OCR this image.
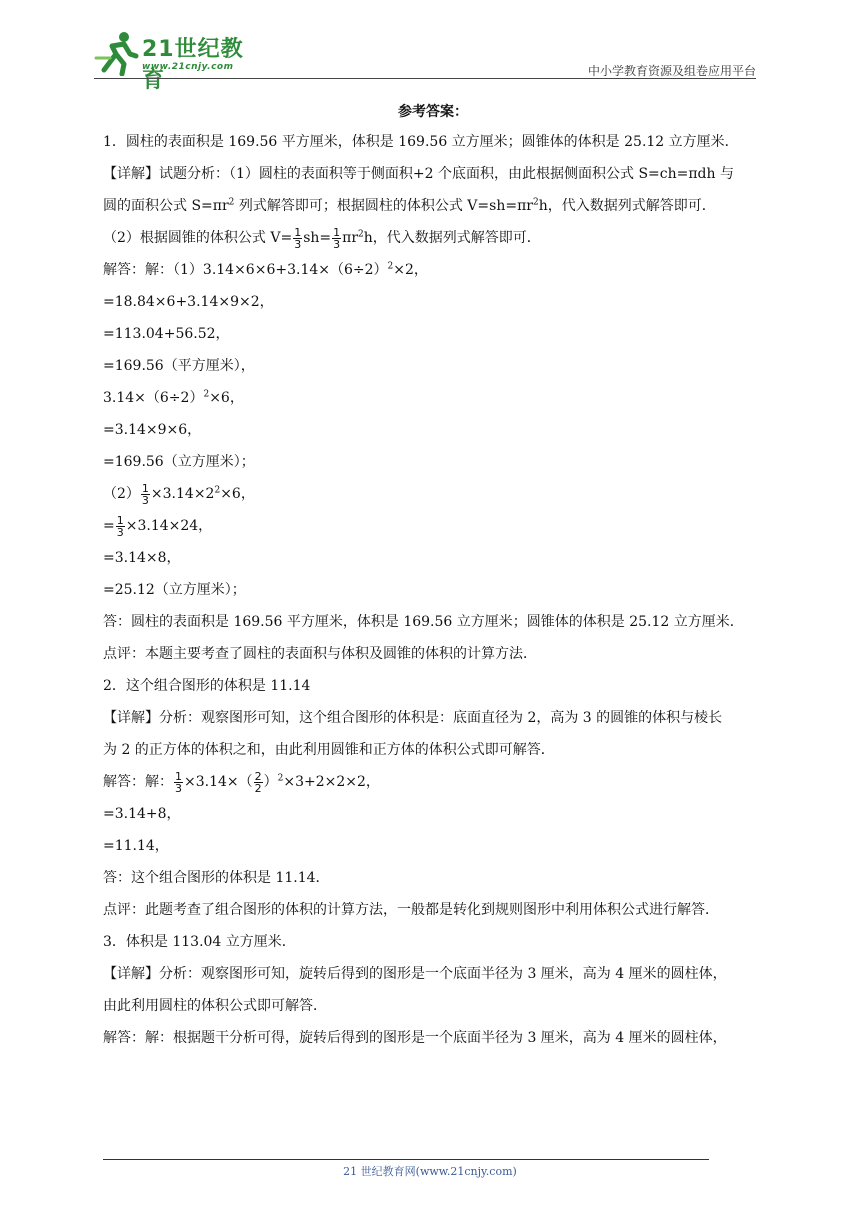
21世纪教育
www.21cnjy.com	中小学教育资源及组卷应用平台
参考答案：

1．圆柱的表面积是 169.56 平方厘米，体积是 169.56 立方厘米；圆锥体的体积是 25.12 立方厘米．

【详解】试题分析：（1）圆柱的表面积等于侧面积+2 个底面积，由此根据侧面积公式 S=ch=πdh 与

圆的面积公式 $S=\pi r^2$ 列式解答即可；根据圆柱的体积公式 $V=sh=\pi r^2h$，代入数据列式解答即可．

（2）根据圆锥的体积公式 $V= \frac{1}{3} sh= \frac{1}{3} \pi r^2h$，代入数据列式解答即可．

解答：解：$(1)3.14\times 6\times 6+3.14\times(6\div 2)^2\times 2$，

=18.84×6+3.14×9×2，

=113.04+56.52，

=169.56（平方厘米），

$3.14\times(6\div 2)^2\times 6$，

=3.14×9×6，

=169.56（立方厘米）；

$(2) \frac{1}{3} \times 3.14\times 2^2\times 6$，

= $\frac{1}{3} \times 3.14\times 24$，

=3.14×8，

=25.12（立方厘米）；

答：圆柱的表面积是 169.56 平方厘米，体积是 169.56 立方厘米；圆锥体的体积是 25.12 立方厘米．

点评：本题主要考查了圆柱的表面积与体积及圆锥的体积的计算方法．

2．这个组合图形的体积是 11.14

【详解】分析：观察图形可知，这个组合图形的体积是：底面直径为 2，高为 3 的圆锥的体积与棱长

为 2 的正方体的体积之和，由此利用圆锥和正方体的体积公式即可解答．

解答：解： $\frac{1}{3} \times 3.14\times( \frac{2}{2} )^2\times 3+2\times 2\times 2$，

=3.14+8，

=11.14，

答：这个组合图形的体积是 11.14．

点评：此题考查了组合图形的体积的计算方法，一般都是转化到规则图形中利用体积公式进行解答．

3．体积是 113.04 立方厘米．

【详解】分析：观察图形可知，旋转后得到的图形是一个底面半径为 3 厘米，高为 4 厘米的圆柱体，

由此利用圆柱的体积公式即可解答．

解答：解：根据题干分析可得，旋转后得到的图形是一个底面半径为 3 厘米，高为 4 厘米的圆柱体，

21 世纪教育网(www.21cnjy.com)
